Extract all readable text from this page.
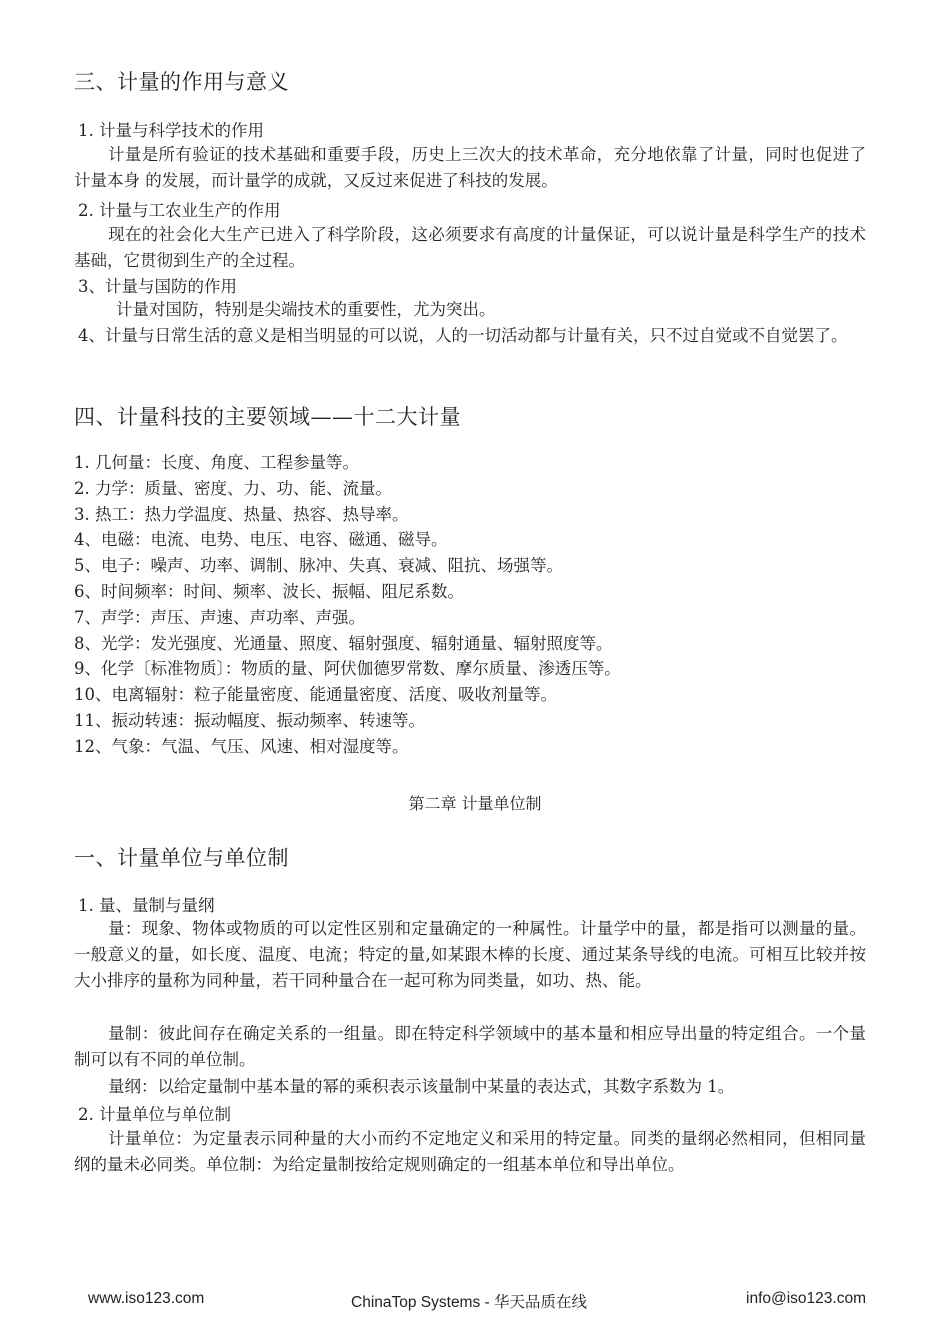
三、计量的作用与意义
1. 计量与科学技术的作用
计量是所有验证的技术基础和重要手段，历史上三次大的技术革命，充分地依靠了计量，同时也促进了计量本身 的发展，而计量学的成就，又反过来促进了科技的发展。
2. 计量与工农业生产的作用
现在的社会化大生产已进入了科学阶段，这必须要求有高度的计量保证，可以说计量是科学生产的技术基础，它贯彻到生产的全过程。
3、计量与国防的作用
计量对国防，特别是尖端技术的重要性，尤为突出。
4、计量与日常生活的意义是相当明显的可以说，人的一切活动都与计量有关，只不过自觉或不自觉罢了。
四、计量科技的主要领域——十二大计量
1. 几何量：长度、角度、工程参量等。
2. 力学：质量、密度、力、功、能、流量。
3. 热工：热力学温度、热量、热容、热导率。
4、电磁：电流、电势、电压、电容、磁通、磁导。
5、电子：噪声、功率、调制、脉冲、失真、衰减、阻抗、场强等。
6、时间频率：时间、频率、波长、振幅、阻尼系数。
7、声学：声压、声速、声功率、声强。
8、光学：发光强度、光通量、照度、辐射强度、辐射通量、辐射照度等。
9、化学〔标准物质〕：物质的量、阿伏伽德罗常数、摩尔质量、渗透压等。
10、电离辐射：粒子能量密度、能通量密度、活度、吸收剂量等。
11、振动转速：振动幅度、振动频率、转速等。
12、气象：气温、气压、风速、相对湿度等。
第二章 计量单位制
一、计量单位与单位制
1. 量、量制与量纲
量：现象、物体或物质的可以定性区别和定量确定的一种属性。计量学中的量，都是指可以测量的量。一般意义的量，如长度、温度、电流；特定的量,如某跟木棒的长度、通过某条导线的电流。可相互比较并按大小排序的量称为同种量，若干同种量合在一起可称为同类量，如功、热、能。
量制：彼此间存在确定关系的一组量。即在特定科学领域中的基本量和相应导出量的特定组合。一个量制可以有不同的单位制。
量纲：以给定量制中基本量的幂的乘积表示该量制中某量的表达式，其数字系数为 1。
2. 计量单位与单位制
计量单位：为定量表示同种量的大小而约不定地定义和采用的特定量。同类的量纲必然相同，但相同量纲的量未必同类。单位制：为给定量制按给定规则确定的一组基本单位和导出单位。
www.iso123.com	ChinaTop Systems - 华天品质在线	info@iso123.com
